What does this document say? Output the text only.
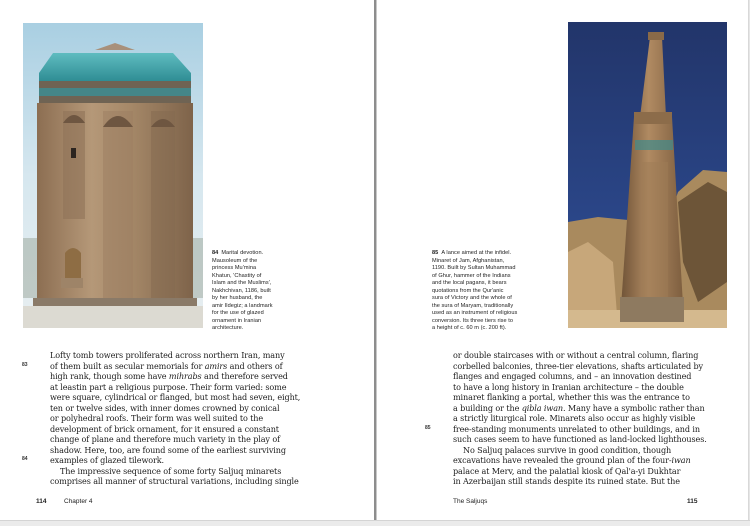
84 Marital devotion.
Mausoleum of the
princess Mu'mina
Khatun, 'Chastity of
Islam and the Muslims',
Nakhchivan, 1186, built
by her husband, the
amir Ildegiz; a landmark
for the use of glazed
ornament in Iranian
architecture.
83
84
Lofty tomb towers proliferated across northern Iran, many
of them built as secular memorials for amirs and others of
high rank, though some have mihrabs and therefore served
at leastin part a religious purpose. Their form varied: some
were square, cylindrical or flanged, but most had seven, eight,
ten or twelve sides, with inner domes crowned by conical
or polyhedral roofs. Their form was well suited to the
development of brick ornament, for it ensured a constant
change of plane and therefore much variety in the play of
shadow. Here, too, are found some of the earliest surviving
examples of glazed tilework.
The impressive sequence of some forty Saljuq minarets
comprises all manner of structural variations, including single
114	Chapter 4
85 A lance aimed at the infidel.
Minaret of Jam, Afghanistan,
1190. Built by Sultan Muhammad
of Ghur, hammer of the Indians
and the local pagans, it bears
quotations from the Qur'anic
sura of Victory and the whole of
the sura of Maryam, traditionally
used as an instrument of religious
conversion. Its three tiers rise to
a height of c. 60 m (c. 200 ft).
85
or double staircases with or without a central column, flaring
corbelled balconies, three-tier elevations, shafts articulated by
flanges and engaged columns, and – an innovation destined
to have a long history in Iranian architecture – the double
minaret flanking a portal, whether this was the entrance to
a building or the qibla iwan. Many have a symbolic rather than
a strictly liturgical role. Minarets also occur as highly visible
free-standing monuments unrelated to other buildings, and in
such cases seem to have functioned as land-locked lighthouses.
No Saljuq palaces survive in good condition, though
excavations have revealed the ground plan of the four-iwan
palace at Merv, and the palatial kiosk of Qal'a-yi Dukhtar
in Azerbaijan still stands despite its ruined state. But the
The Saljuqs	115
